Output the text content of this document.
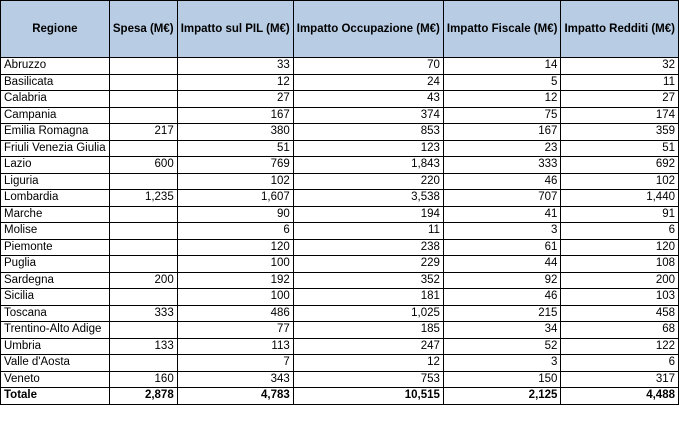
Regione	Spesa (M€)	Impatto sul PIL (M€)	Impatto Occupazione (M€)	Impatto Fiscale (M€)	Impatto Redditi (M€)
Abruzzo		33	70	14	32
Basilicata		12	24	5	11
Calabria		27	43	12	27
Campania		167	374	75	174
Emilia Romagna	217	380	853	167	359
Friuli Venezia Giulia		51	123	23	51
Lazio	600	769	1,843	333	692
Liguria		102	220	46	102
Lombardia	1,235	1,607	3,538	707	1,440
Marche		90	194	41	91
Molise		6	11	3	6
Piemonte		120	238	61	120
Puglia		100	229	44	108
Sardegna	200	192	352	92	200
Sicilia		100	181	46	103
Toscana	333	486	1,025	215	458
Trentino-Alto Adige		77	185	34	68
Umbria	133	113	247	52	122
Valle d'Aosta		7	12	3	6
Veneto	160	343	753	150	317
Totale	2,878	4,783	10,515	2,125	4,488
